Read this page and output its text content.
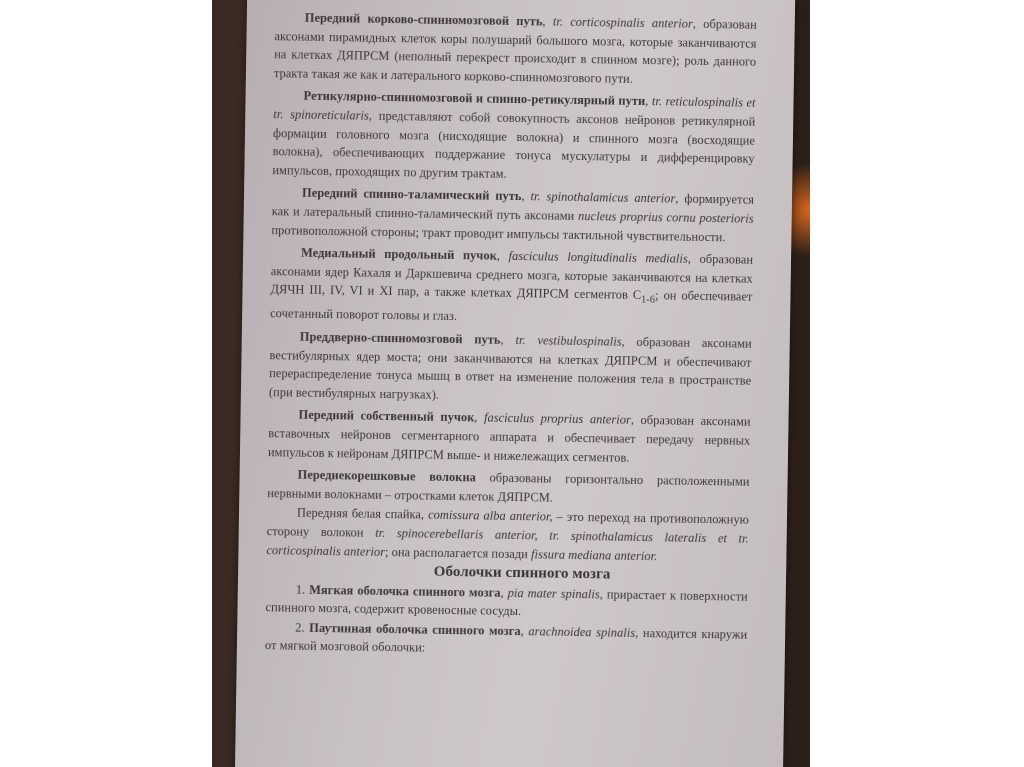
Передний корково-спинномозговой путь, tr. corticospinalis anterior, образован аксонами пирамидных клеток коры полушарий большого мозга, которые заканчиваются на клетках ДЯПРСМ (неполный перекрест происходит в спинном мозге); роль данного тракта такая же как и латерального корково-спинномозгового пути.

Ретикулярно-спинномозговой и спинно-ретикулярный пути, tr. reticulospinalis et tr. spinoreticularis, представляют собой совокупность аксонов нейронов ретикулярной формации головного мозга (нисходящие волокна) и спинного мозга (восходящие волокна), обеспечивающих поддержание тонуса мускулатуры и дифференцировку импульсов, проходящих по другим трактам.

Передний спинно-таламический путь, tr. spinothalamicus anterior, формируется как и латеральный спинно-таламический путь аксонами nucleus proprius cornu posterioris противоположной стороны; тракт проводит импульсы тактильной чувствительности.

Медиальный продольный пучок, fasciculus longitudinalis medialis, образован аксонами ядер Кахаля и Даркшевича среднего мозга, которые заканчиваются на клетках ДЯЧН III, IV, VI и XI пар, а также клетках ДЯПРСМ сегментов $С_{1-6}$; он обеспечивает сочетанный поворот головы и глаз.

Преддверно-спинномозговой путь, tr. vestibulospinalis, образован аксонами вестибулярных ядер моста; они заканчиваются на клетках ДЯПРСМ и обеспечивают перераспределение тонуса мышц в ответ на изменение положения тела в пространстве (при вестибулярных нагрузках).

Передний собственный пучок, fasciculus proprius anterior, образован аксонами вставочных нейронов сегментарного аппарата и обеспечивает передачу нервных импульсов к нейронам ДЯПРСМ выше- и нижележащих сегментов.

Переднекорешковые волокна образованы горизонтально расположенными нервными волокнами – отростками клеток ДЯПРСМ.

Передняя белая спайка, comissura alba anterior, – это переход на противоположную сторону волокон tr. spinocerebellaris anterior, tr. spinothalamicus lateralis et tr. corticospinalis anterior; она располагается позади fissura mediana anterior.

Оболочки спинного мозга

1. Мягкая оболочка спинного мозга, pia mater spinalis, прирастает к поверхности спинного мозга, содержит кровеносные сосуды.

2. Паутинная оболочка спинного мозга, arachnoidea spinalis, находится кнаружи от мягкой мозговой оболочки:
